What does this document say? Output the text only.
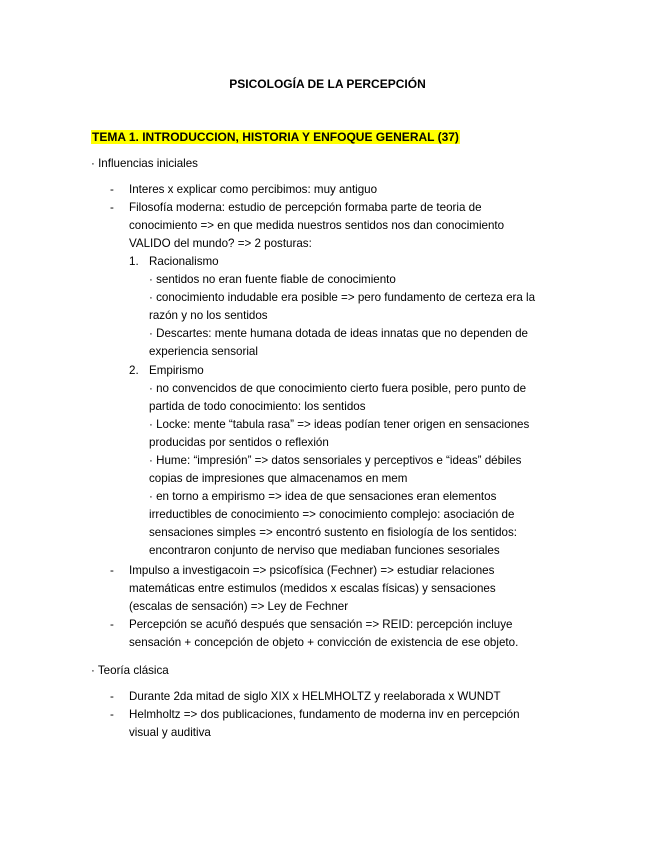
PSICOLOGÍA DE LA PERCEPCIÓN
TEMA 1. INTRODUCCION, HISTORIA Y ENFOQUE GENERAL (37)
· Influencias iniciales
- Interes x explicar como percibimos: muy antiguo
- Filosofía moderna: estudio de percepción formaba parte de teoria de
conocimiento => en que medida nuestros sentidos nos dan conocimiento
VALIDO del mundo? => 2 posturas:
1. Racionalismo
· sentidos no eran fuente fiable de conocimiento
· conocimiento indudable era posible => pero fundamento de certeza era la
razón y no los sentidos
· Descartes: mente humana dotada de ideas innatas que no dependen de
experiencia sensorial
2. Empirismo
· no convencidos de que conocimiento cierto fuera posible, pero punto de
partida de todo conocimiento: los sentidos
· Locke: mente “tabula rasa” => ideas podían tener origen en sensaciones
producidas por sentidos o reflexión
· Hume: “impresión” => datos sensoriales y perceptivos e “ideas” débiles
copias de impresiones que almacenamos en mem
· en torno a empirismo => idea de que sensaciones eran elementos
irreductibles de conocimiento => conocimiento complejo: asociación de
sensaciones simples => encontró sustento en fisiología de los sentidos:
encontraron conjunto de nerviso que mediaban funciones sesoriales
- Impulso a investigacoin => psicofísica (Fechner) => estudiar relaciones
matemáticas entre estimulos (medidos x escalas físicas) y sensaciones
(escalas de sensación) => Ley de Fechner
- Percepción se acuñó después que sensación => REID: percepción incluye
sensación + concepción de objeto + convicción de existencia de ese objeto.
· Teoría clásica
- Durante 2da mitad de siglo XIX x HELMHOLTZ y reelaborada x WUNDT
- Helmholtz => dos publicaciones, fundamento de moderna inv en percepción
visual y auditiva
